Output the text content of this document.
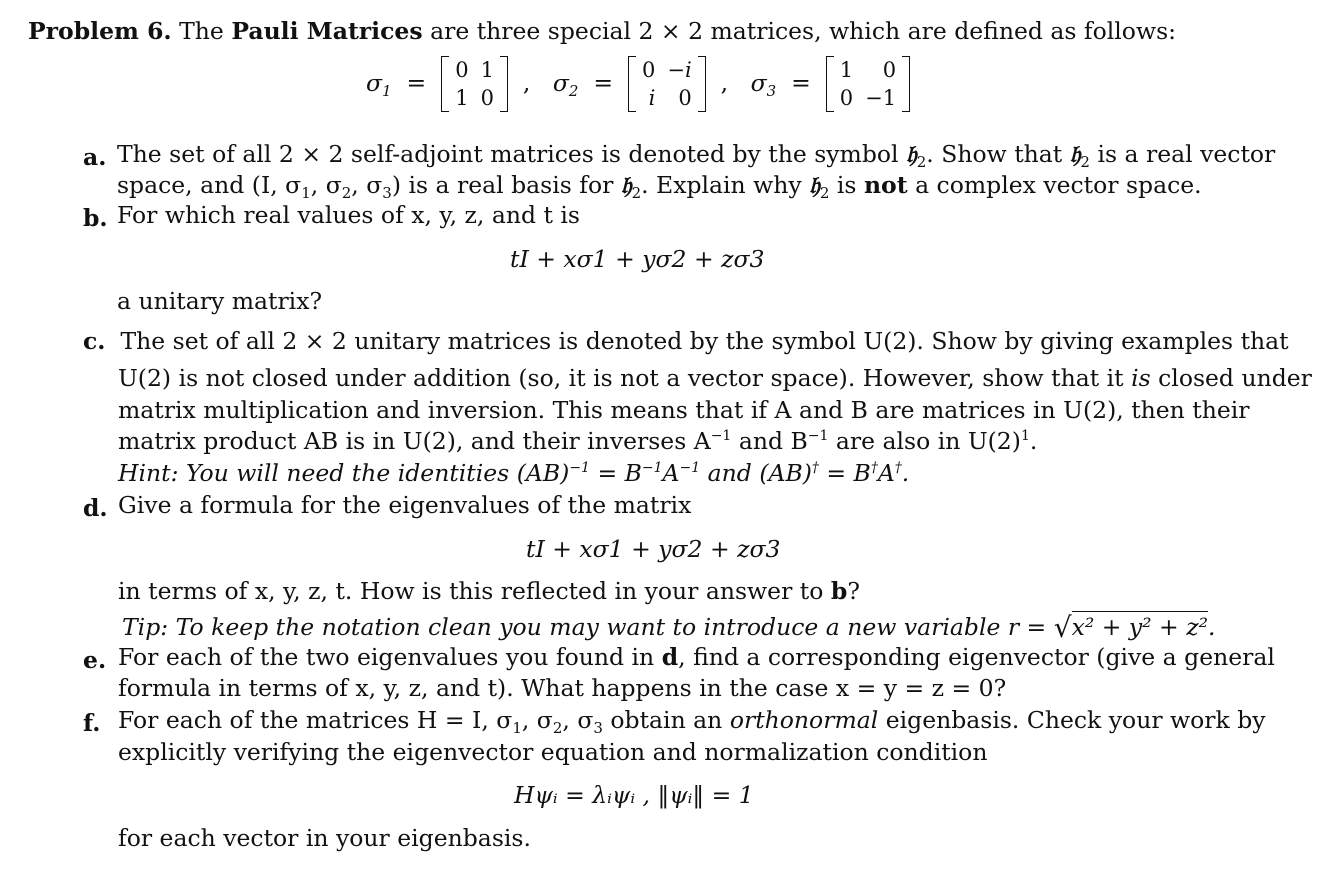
Problem 6. The Pauli Matrices are three special 2 × 2 matrices, which are defined as follows:
$\sigma_1 = 0$	1
1	0
,   $\sigma_2 = 0$	−i
i	0
,   $\sigma_3 = 1$	0
0	−1
a. The set of all 2 × 2 self-adjoint matrices is denoted by the symbol 𝔥$_2$. Show that 𝔥$_2$ is a real vector
space, and (I, $\sigma_1$, $\sigma_2$, $\sigma_3$) is a real basis for 𝔥$_2$. Explain why 𝔥$_2$ is not a complex vector space.
b. For which real values of x, y, z, and t is
tI + xσ1 + yσ2 + zσ3
a unitary matrix?
c. The set of all 2 × 2 unitary matrices is denoted by the symbol U(2). Show by giving examples that
U(2) is not closed under addition (so, it is not a vector space). However, show that it is closed under
matrix multiplication and inversion. This means that if A and B are matrices in U(2), then their
matrix product AB is in U(2), and their inverses $A^{-1}$ and $B^{-1}$ are also in $U(2)^1$.
Hint: You will need the identities $(AB)^{-1} = B^{-1}A^{-1}$ and (AB)† = B†A†.
d. Give a formula for the eigenvalues of the matrix
tI + xσ1 + yσ2 + zσ3
in terms of x, y, z, t. How is this reflected in your answer to b?
Tip: To keep the notation clean you may want to introduce a new variable r = √x² + y² + z².
e. For each of the two eigenvalues you found in d, find a corresponding eigenvector (give a general
formula in terms of x, y, z, and t). What happens in the case x = y = z = 0?
f. For each of the matrices H = I, $\sigma_1$, $\sigma_2$, $\sigma_3$ obtain an orthonormal eigenbasis. Check your work by
explicitly verifying the eigenvector equation and normalization condition
Hψᵢ = λᵢψᵢ , ‖ψᵢ‖ = 1
for each vector in your eigenbasis.
